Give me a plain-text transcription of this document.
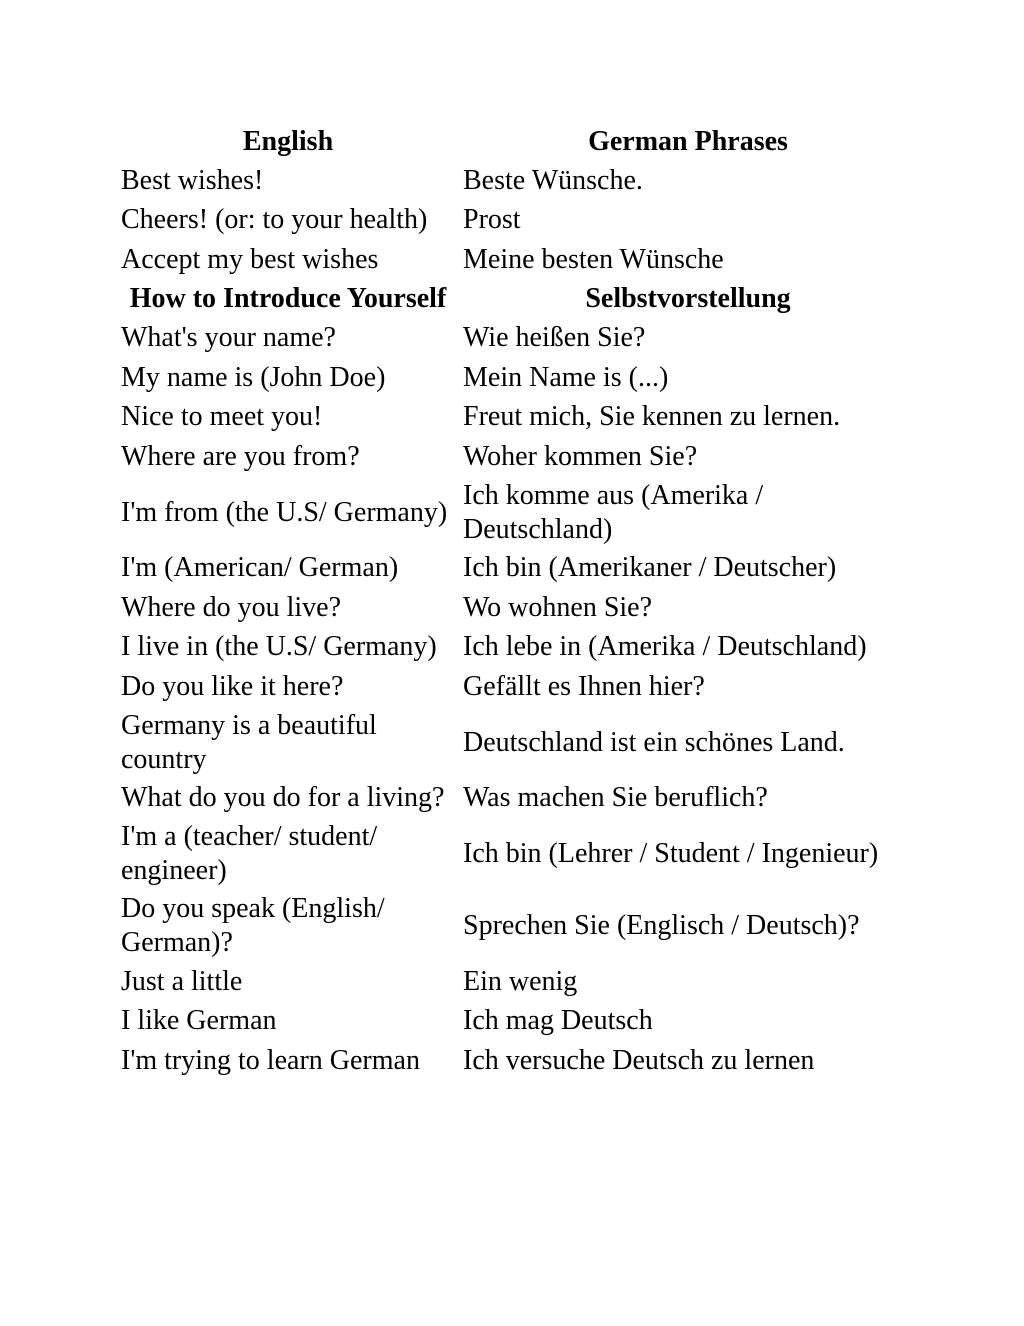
English	German Phrases
Best wishes!	Beste Wünsche.
Cheers! (or: to your health)	Prost
Accept my best wishes	Meine besten Wünsche
How to Introduce Yourself	Selbstvorstellung
What's your name?	Wie heißen Sie?
My name is (John Doe)	Mein Name is (...)
Nice to meet you!	Freut mich, Sie kennen zu lernen.
Where are you from?	Woher kommen Sie?
I'm from (the U.S/ Germany)	Ich komme aus (Amerika / Deutschland)
I'm (American/ German)	Ich bin (Amerikaner / Deutscher)
Where do you live?	Wo wohnen Sie?
I live in (the U.S/ Germany)	Ich lebe in (Amerika / Deutschland)
Do you like it here?	Gefällt es Ihnen hier?
Germany is a beautiful country	Deutschland ist ein schönes Land.
What do you do for a living?	Was machen Sie beruflich?
I'm a (teacher/ student/ engineer)	Ich bin (Lehrer / Student / Ingenieur)
Do you speak (English/ German)?	Sprechen Sie (Englisch / Deutsch)?
Just a little	Ein wenig
I like German	Ich mag Deutsch
I'm trying to learn German	Ich versuche Deutsch zu lernen
